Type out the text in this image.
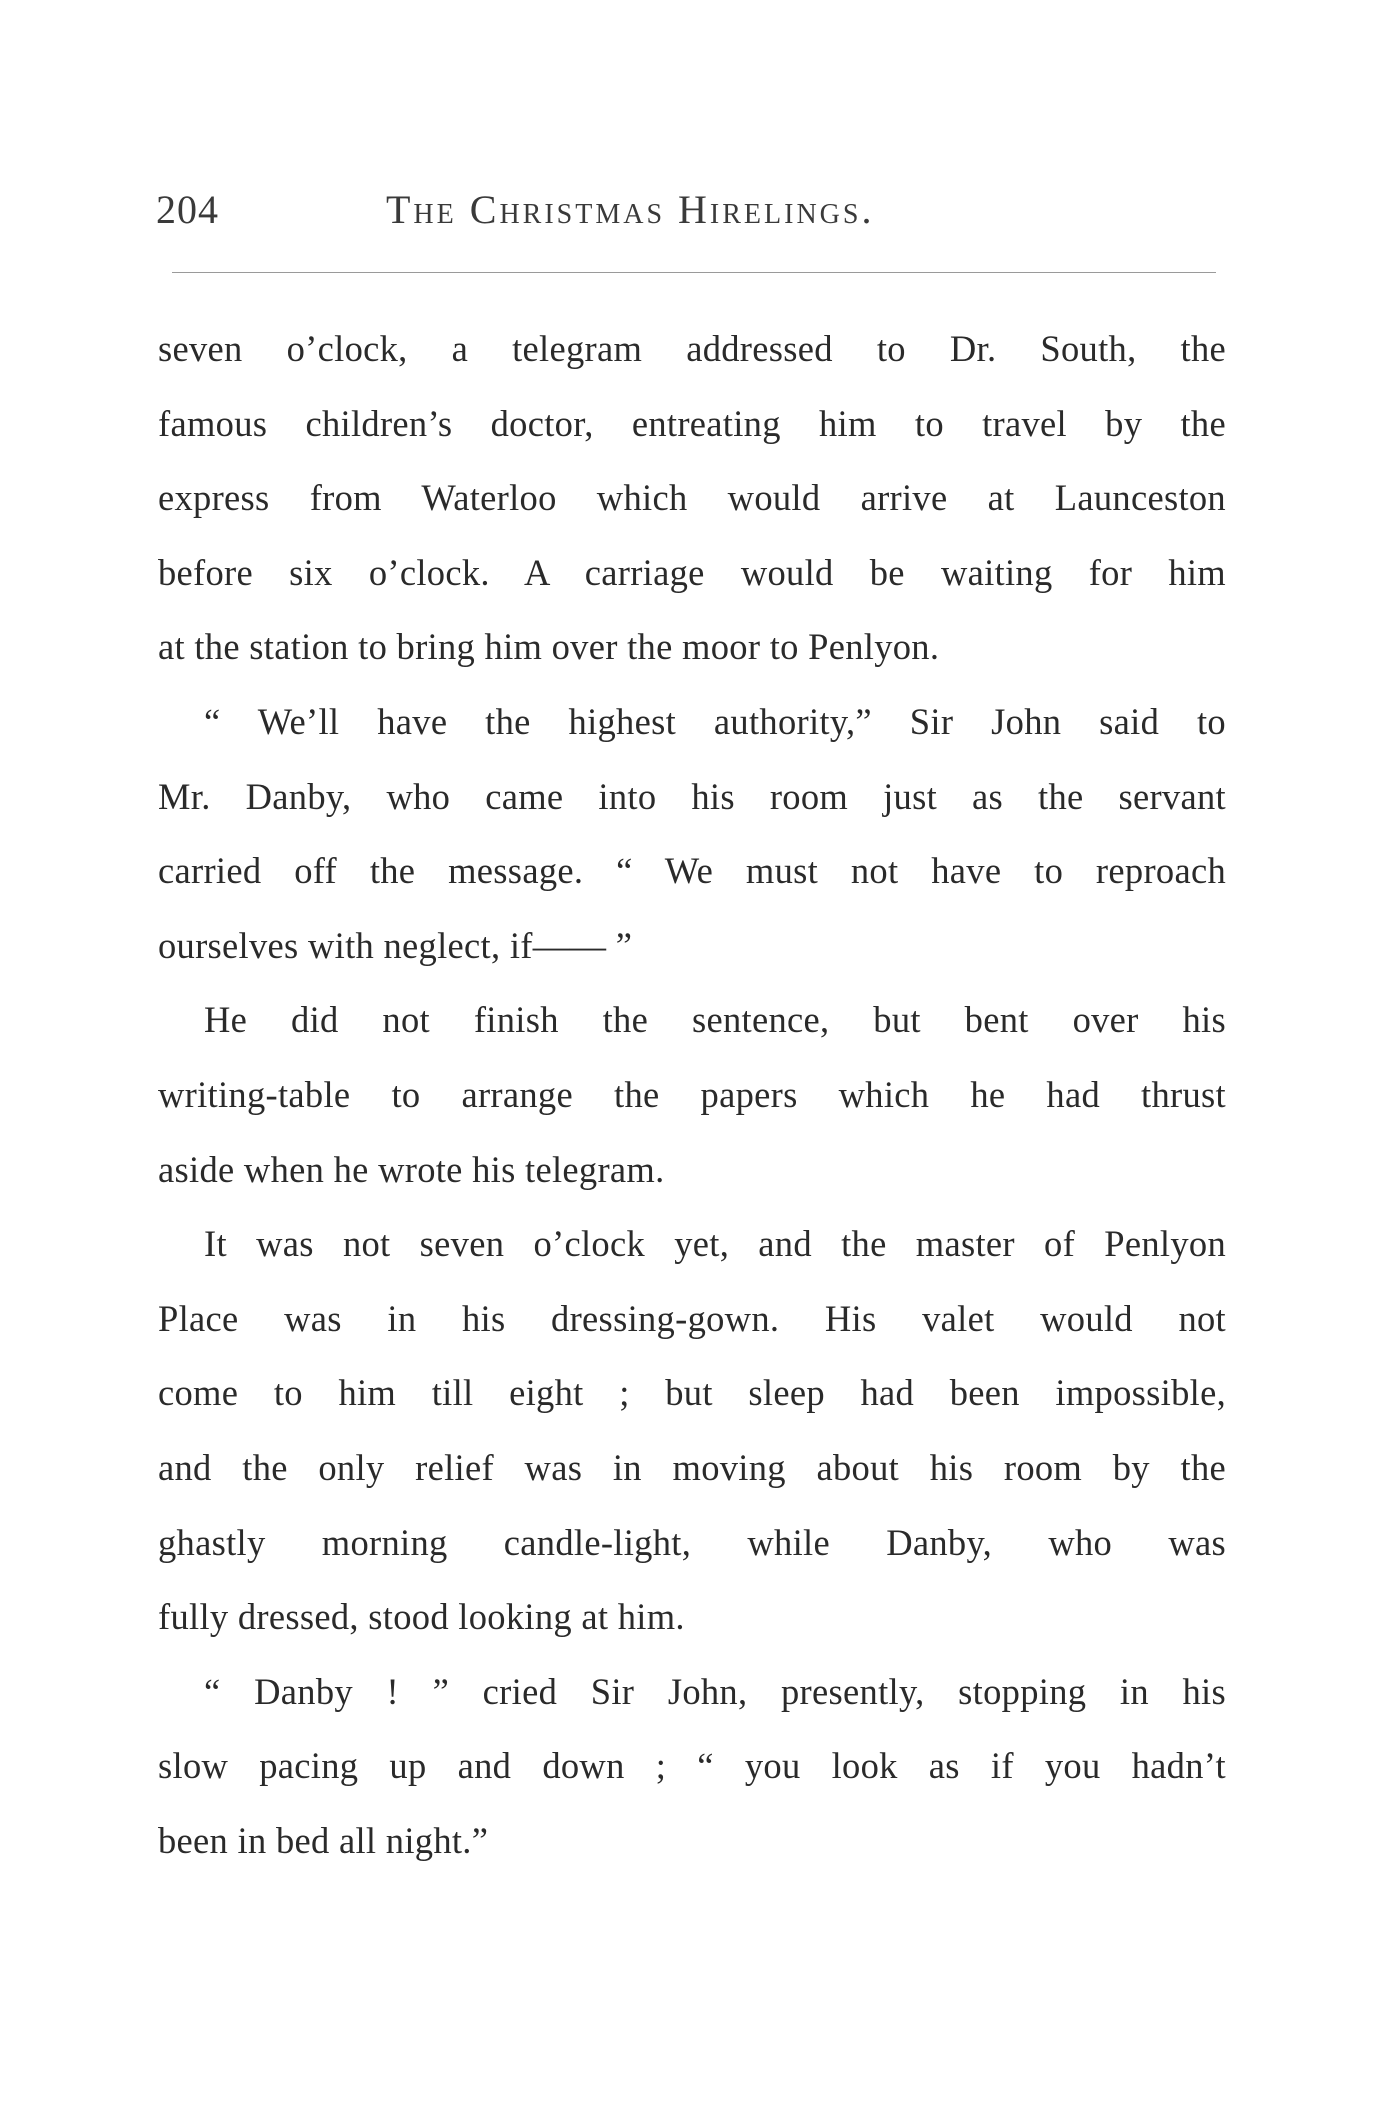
204	The Christmas Hirelings.
seven o’clock, a telegram addressed to Dr. South, the
famous children’s doctor, entreating him to travel by the
express from Waterloo which would arrive at Launceston
before six o’clock. A carriage would be waiting for him
at the station to bring him over the moor to Penlyon.
“ We’ll have the highest authority,” Sir John said to
Mr. Danby, who came into his room just as the servant
carried off the message. “ We must not have to reproach
ourselves with neglect, if—— ”
He did not finish the sentence, but bent over his
writing-table to arrange the papers which he had thrust
aside when he wrote his telegram.
It was not seven o’clock yet, and the master of Penlyon
Place was in his dressing-gown. His valet would not
come to him till eight ; but sleep had been impossible,
and the only relief was in moving about his room by the
ghastly morning candle-light, while Danby, who was
fully dressed, stood looking at him.
“ Danby ! ” cried Sir John, presently, stopping in his
slow pacing up and down ; “ you look as if you hadn’t
been in bed all night.”
